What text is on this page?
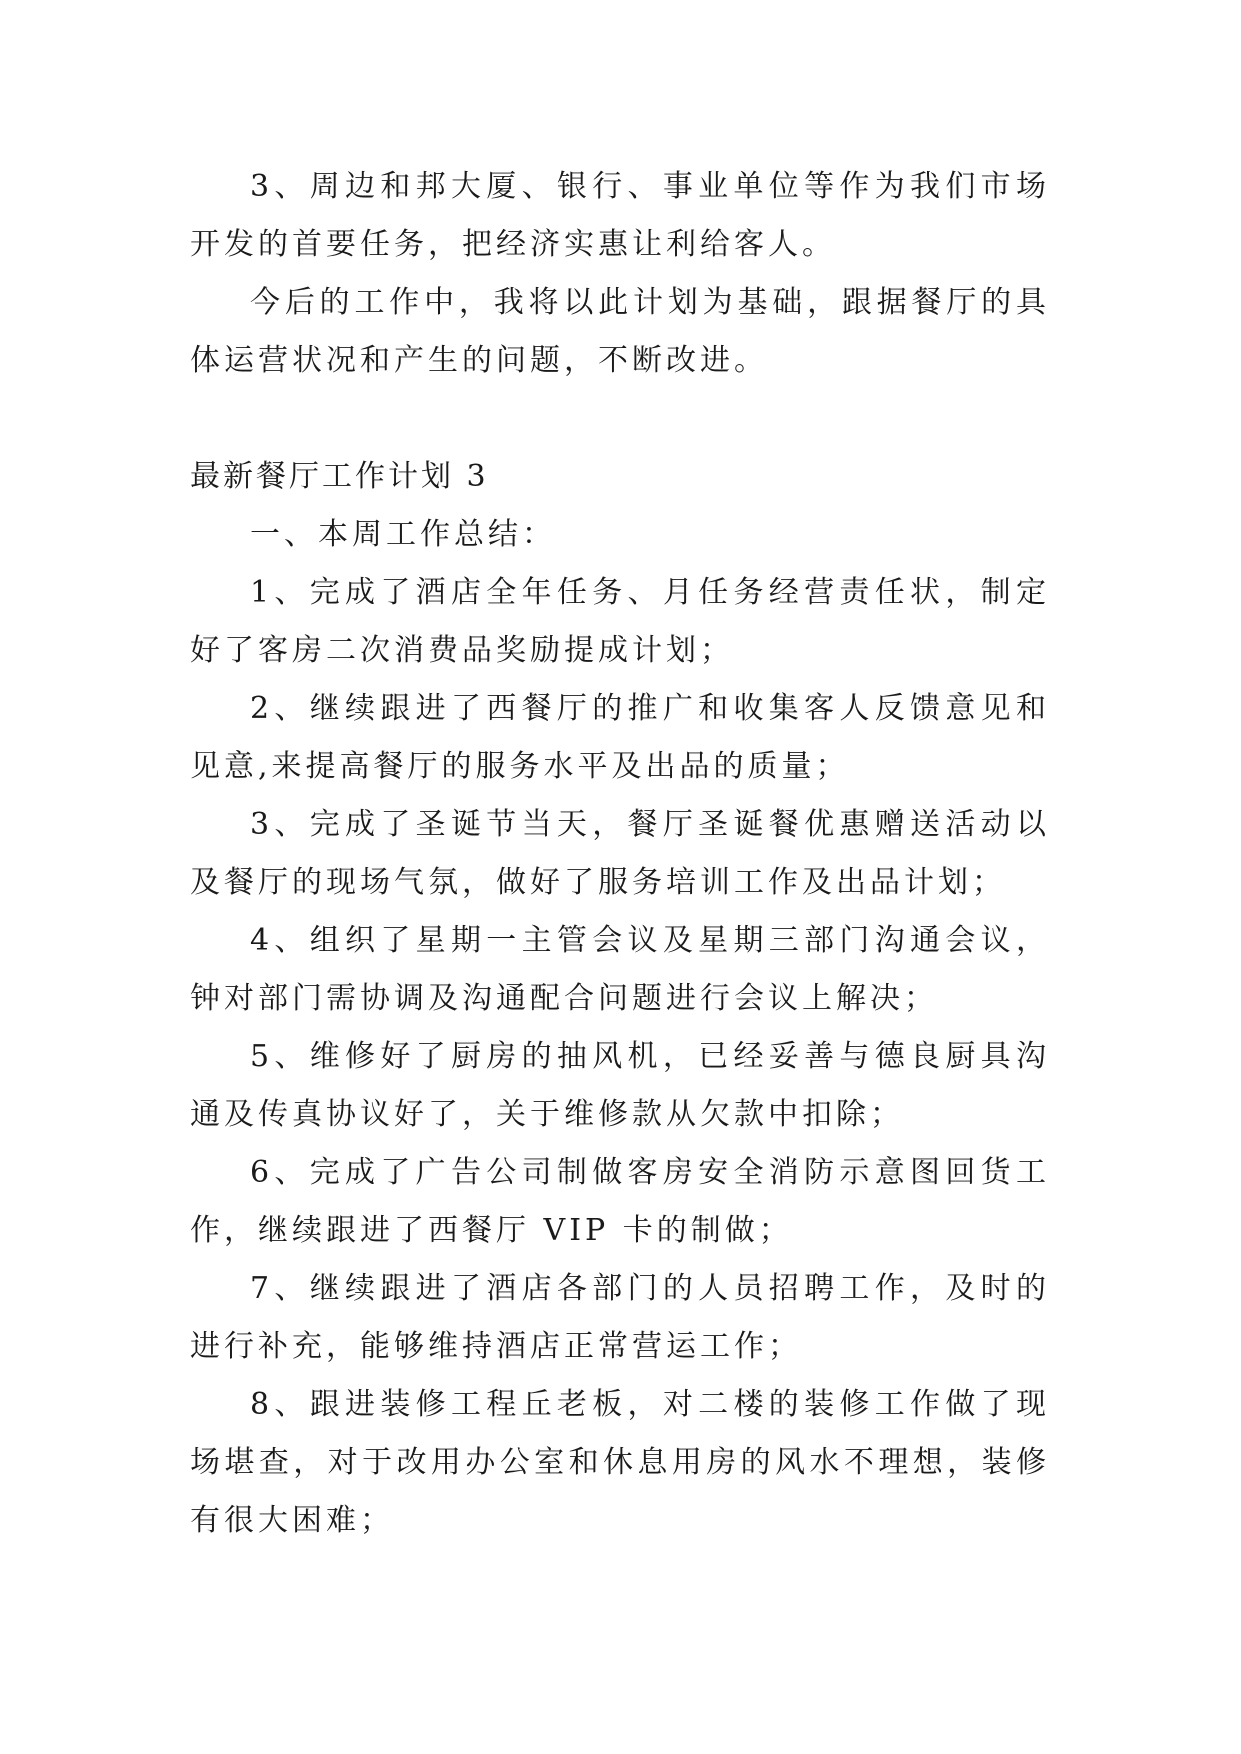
3、周边和邦大厦、银行、事业单位等作为我们市场开发的首要任务，把经济实惠让利给客人。

今后的工作中，我将以此计划为基础，跟据餐厅的具体运营状况和产生的问题，不断改进。

最新餐厅工作计划 3

一、本周工作总结：

1、完成了酒店全年任务、月任务经营责任状，制定好了客房二次消费品奖励提成计划；

2、继续跟进了西餐厅的推广和收集客人反馈意见和见意,来提高餐厅的服务水平及出品的质量；

3、完成了圣诞节当天，餐厅圣诞餐优惠赠送活动以及餐厅的现场气氛，做好了服务培训工作及出品计划；

4、组织了星期一主管会议及星期三部门沟通会议，钟对部门需协调及沟通配合问题进行会议上解决；

5、维修好了厨房的抽风机，已经妥善与德良厨具沟通及传真协议好了，关于维修款从欠款中扣除；

6、完成了广告公司制做客房安全消防示意图回货工作，继续跟进了西餐厅 VIP 卡的制做；

7、继续跟进了酒店各部门的人员招聘工作，及时的进行补充，能够维持酒店正常营运工作；

8、跟进装修工程丘老板，对二楼的装修工作做了现场堪查，对于改用办公室和休息用房的风水不理想，装修有很大困难；
